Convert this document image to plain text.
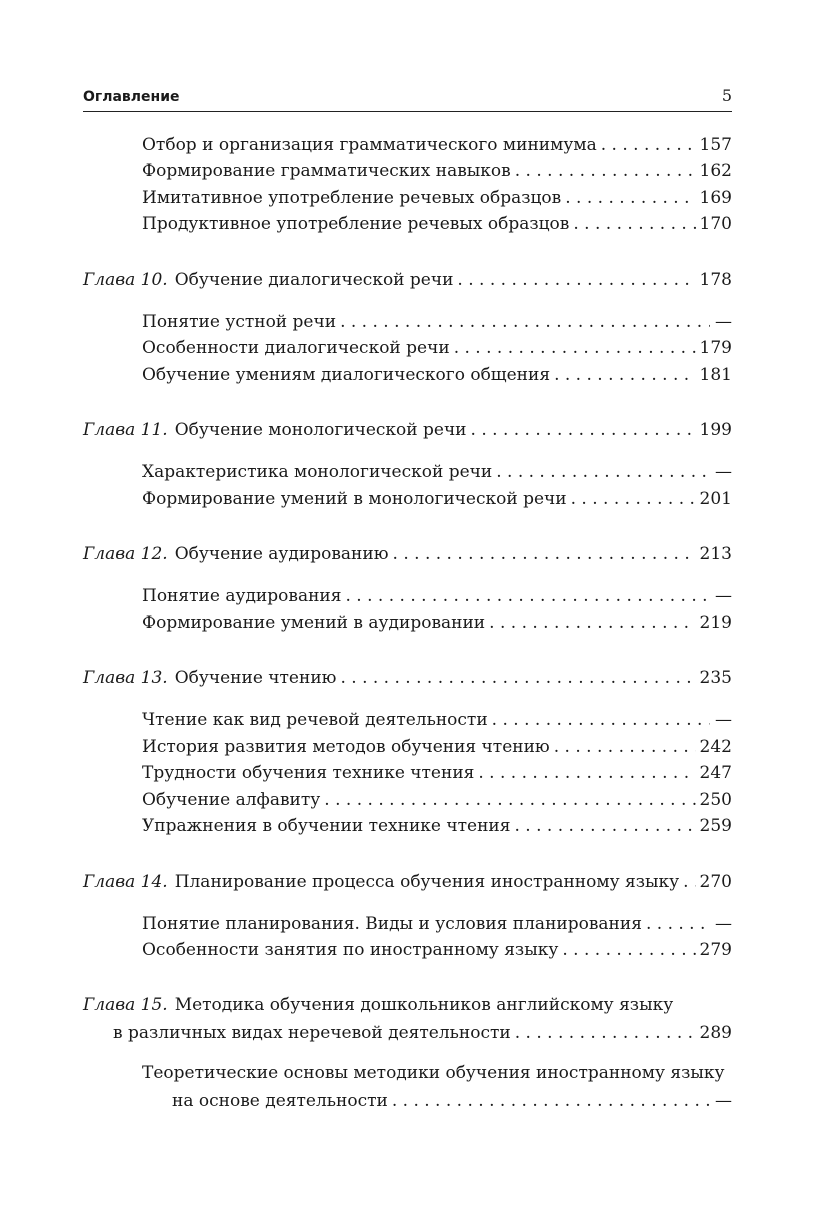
Оглавление	5
Отбор и организация грамматического минимума . . .	157
Формирование грамматических навыков . . .	162
Имитативное употребление речевых образцов . . .	169
Продуктивное употребление речевых образцов . . .	170
Глава 10. Обучение диалогической речи . . .	178
Понятие устной речи . . .	—
Особенности диалогической речи . . .	179
Обучение умениям диалогического общения . . .	181
Глава 11. Обучение монологической речи . . .	199
Характеристика монологической речи . . .	—
Формирование умений в монологической речи . . .	201
Глава 12. Обучение аудированию . . .	213
Понятие аудирования . . .	—
Формирование умений в аудировании . . .	219
Глава 13. Обучение чтению . . .	235
Чтение как вид речевой деятельности . . .	—
История развития методов обучения чтению . . .	242
Трудности обучения технике чтения . . .	247
Обучение алфавиту . . .	250
Упражнения в обучении технике чтения . . .	259
Глава 14. Планирование процесса обучения иностранному языку . . . 270
Понятие планирования. Виды и условия планирования . . .	—
Особенности занятия по иностранному языку . . .	279
Глава 15. Методика обучения дошкольников английскому языку
в различных видах неречевой деятельности . . .	289
Теоретические основы методики обучения иностранному языку
на основе деятельности . . .	—
